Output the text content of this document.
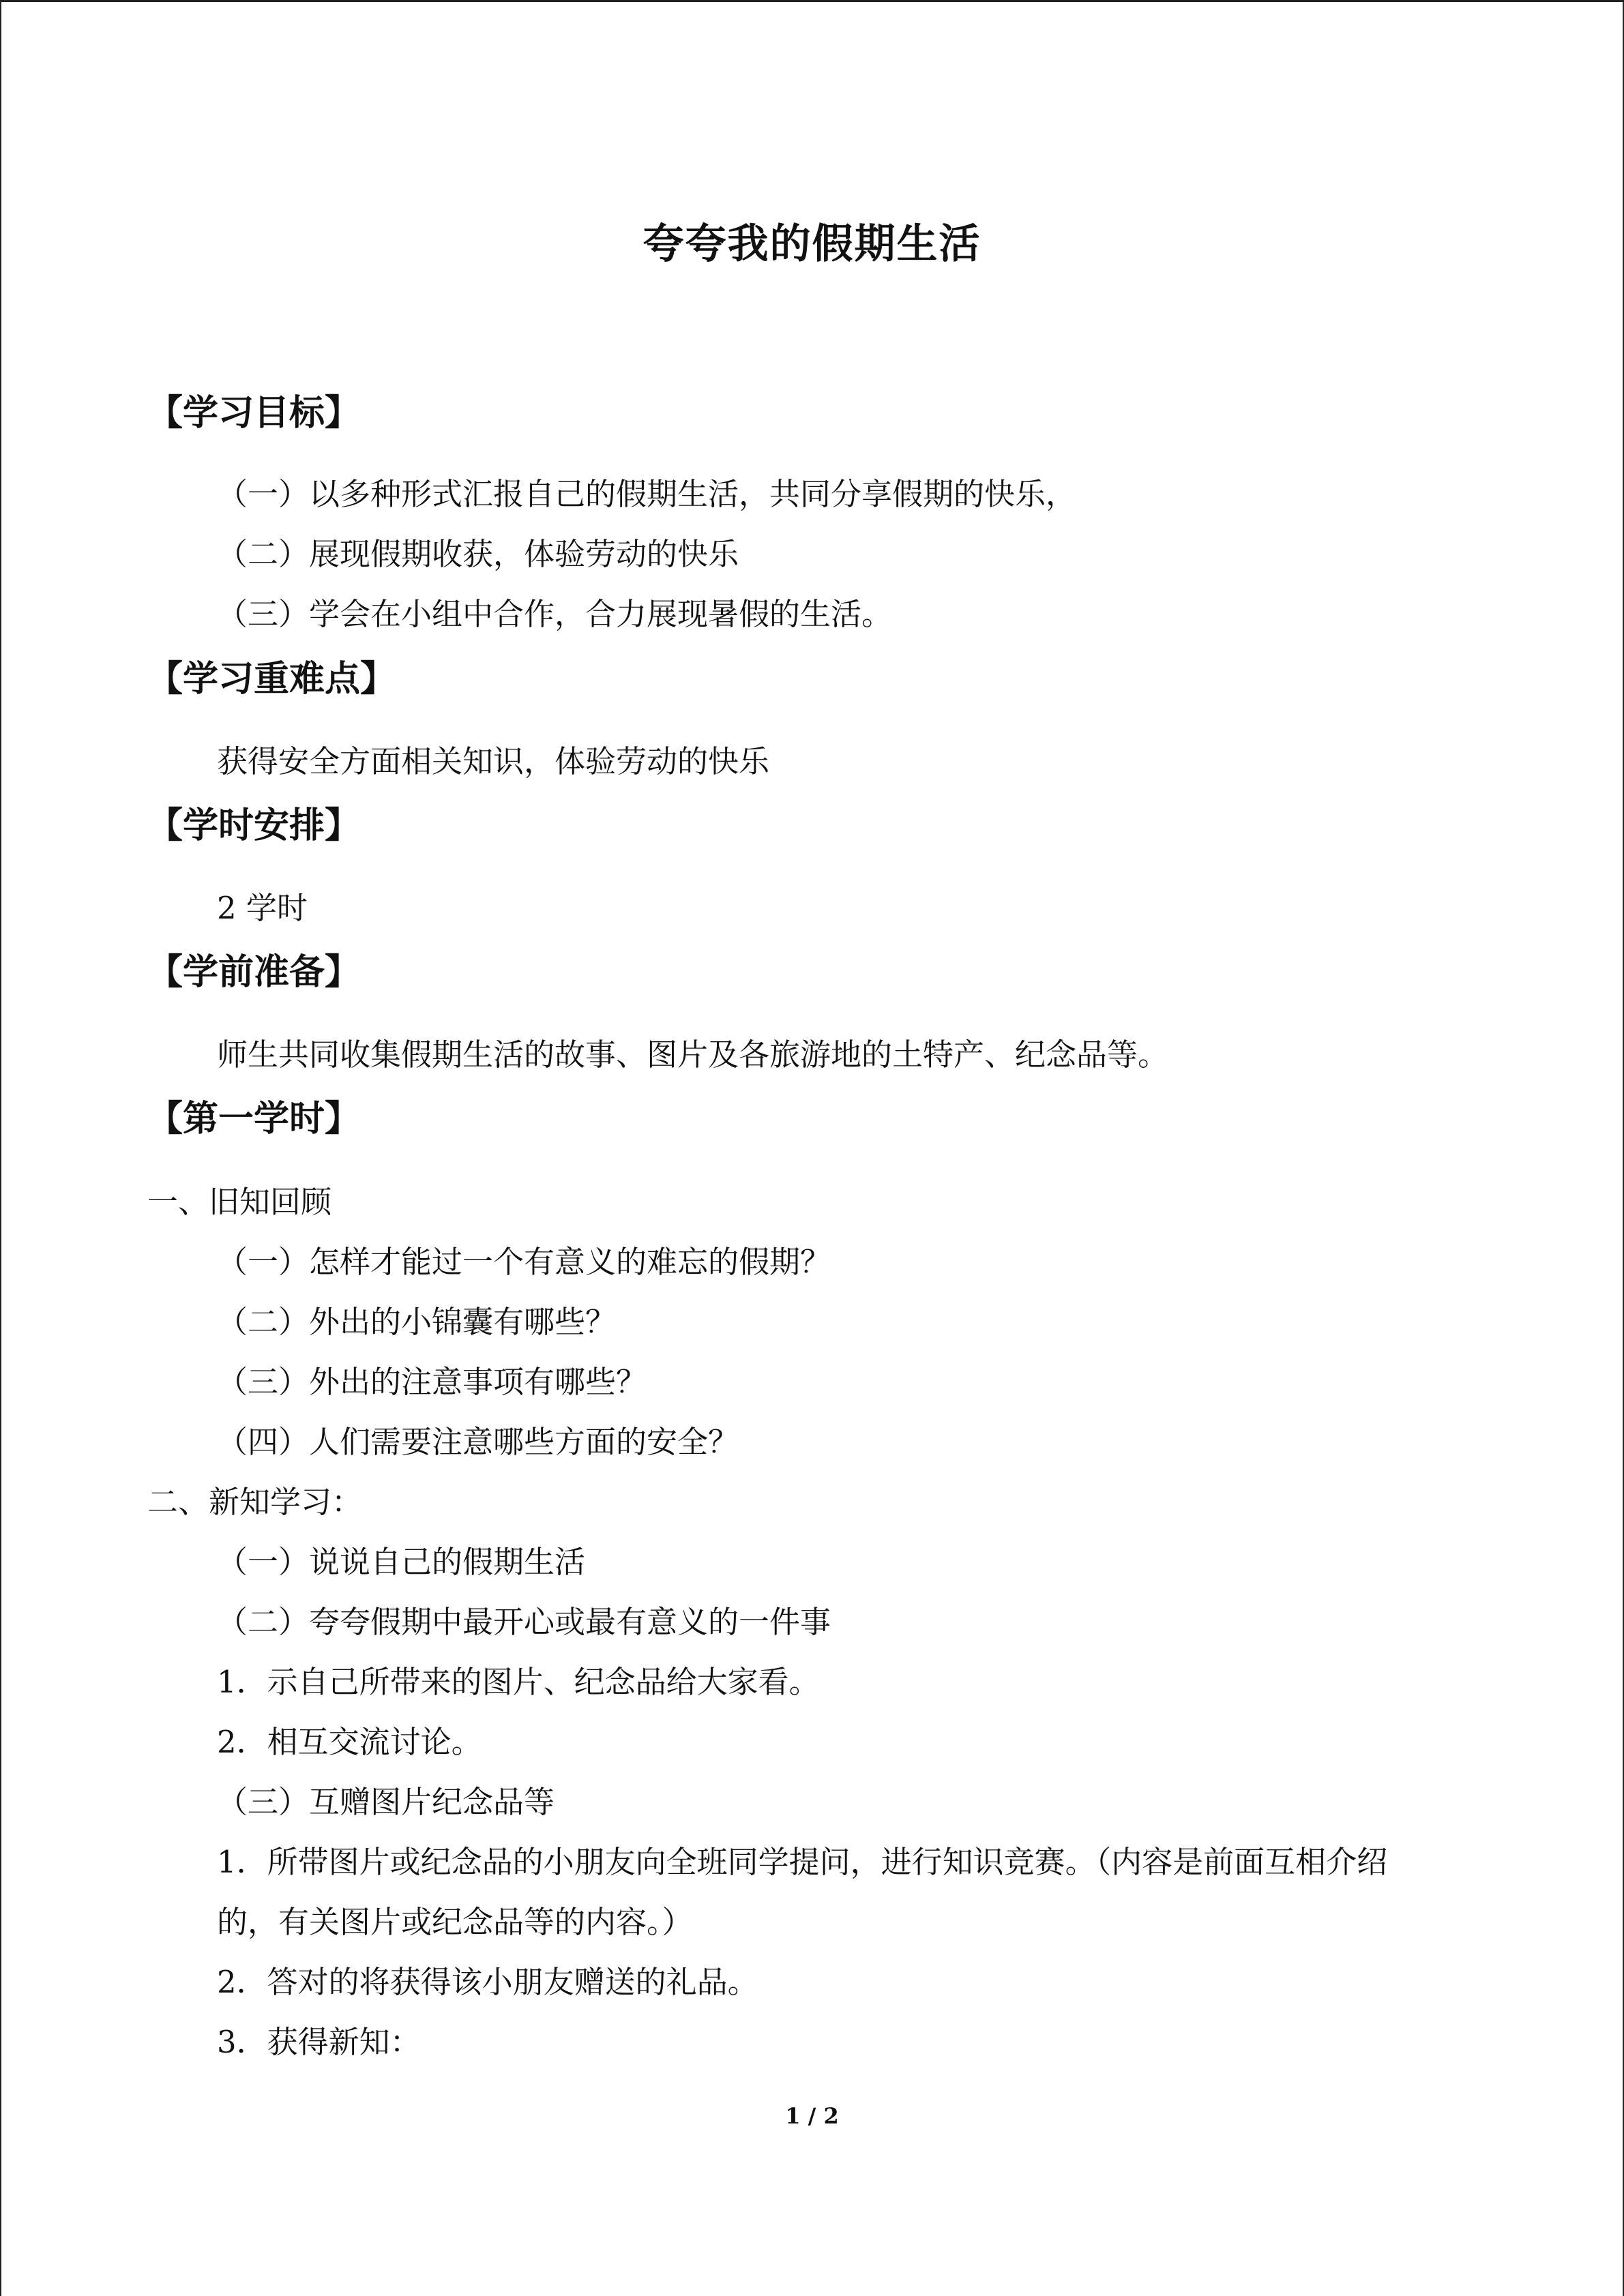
夸夸我的假期生活
【学习目标】
（一）以多种形式汇报自己的假期生活，共同分享假期的快乐，
（二）展现假期收获，体验劳动的快乐
（三）学会在小组中合作，合力展现暑假的生活。
【学习重难点】
获得安全方面相关知识，体验劳动的快乐
【学时安排】
2 学时
【学前准备】
师生共同收集假期生活的故事、图片及各旅游地的土特产、纪念品等。
【第一学时】
一、旧知回顾
（一）怎样才能过一个有意义的难忘的假期？
（二）外出的小锦囊有哪些？
（三）外出的注意事项有哪些？
（四）人们需要注意哪些方面的安全？
二、新知学习：
（一）说说自己的假期生活
（二）夸夸假期中最开心或最有意义的一件事
1．示自己所带来的图片、纪念品给大家看。
2．相互交流讨论。
（三）互赠图片纪念品等
1．所带图片或纪念品的小朋友向全班同学提问，进行知识竞赛。（内容是前面互相介绍
的，有关图片或纪念品等的内容。）
2．答对的将获得该小朋友赠送的礼品。
3．获得新知：
1 / 2
